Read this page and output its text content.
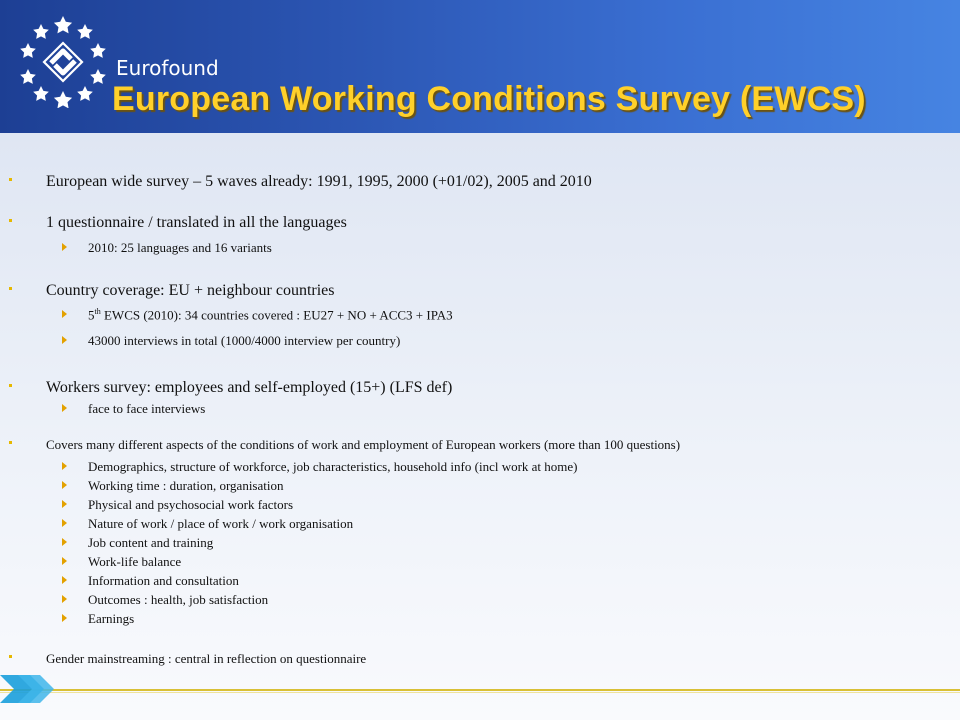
Eurofound
European Working Conditions Survey (EWCS)
European wide survey – 5 waves already: 1991, 1995, 2000 (+01/02), 2005 and 2010
1 questionnaire / translated in all the languages
2010: 25 languages and 16 variants
Country coverage: EU + neighbour countries
5th EWCS (2010): 34 countries covered : EU27 + NO + ACC3 + IPA3
43000 interviews in total (1000/4000 interview per country)
Workers survey: employees and self-employed (15+) (LFS def)
face to face interviews
Covers many different aspects of the conditions of work and employment of European workers (more than 100 questions)
Demographics, structure of workforce, job characteristics, household info (incl work at home)
Working time : duration, organisation
Physical and psychosocial work factors
Nature of work / place of work / work organisation
Job content and training
Work-life balance
Information and consultation
Outcomes : health, job satisfaction
Earnings
Gender mainstreaming : central in reflection on questionnaire
